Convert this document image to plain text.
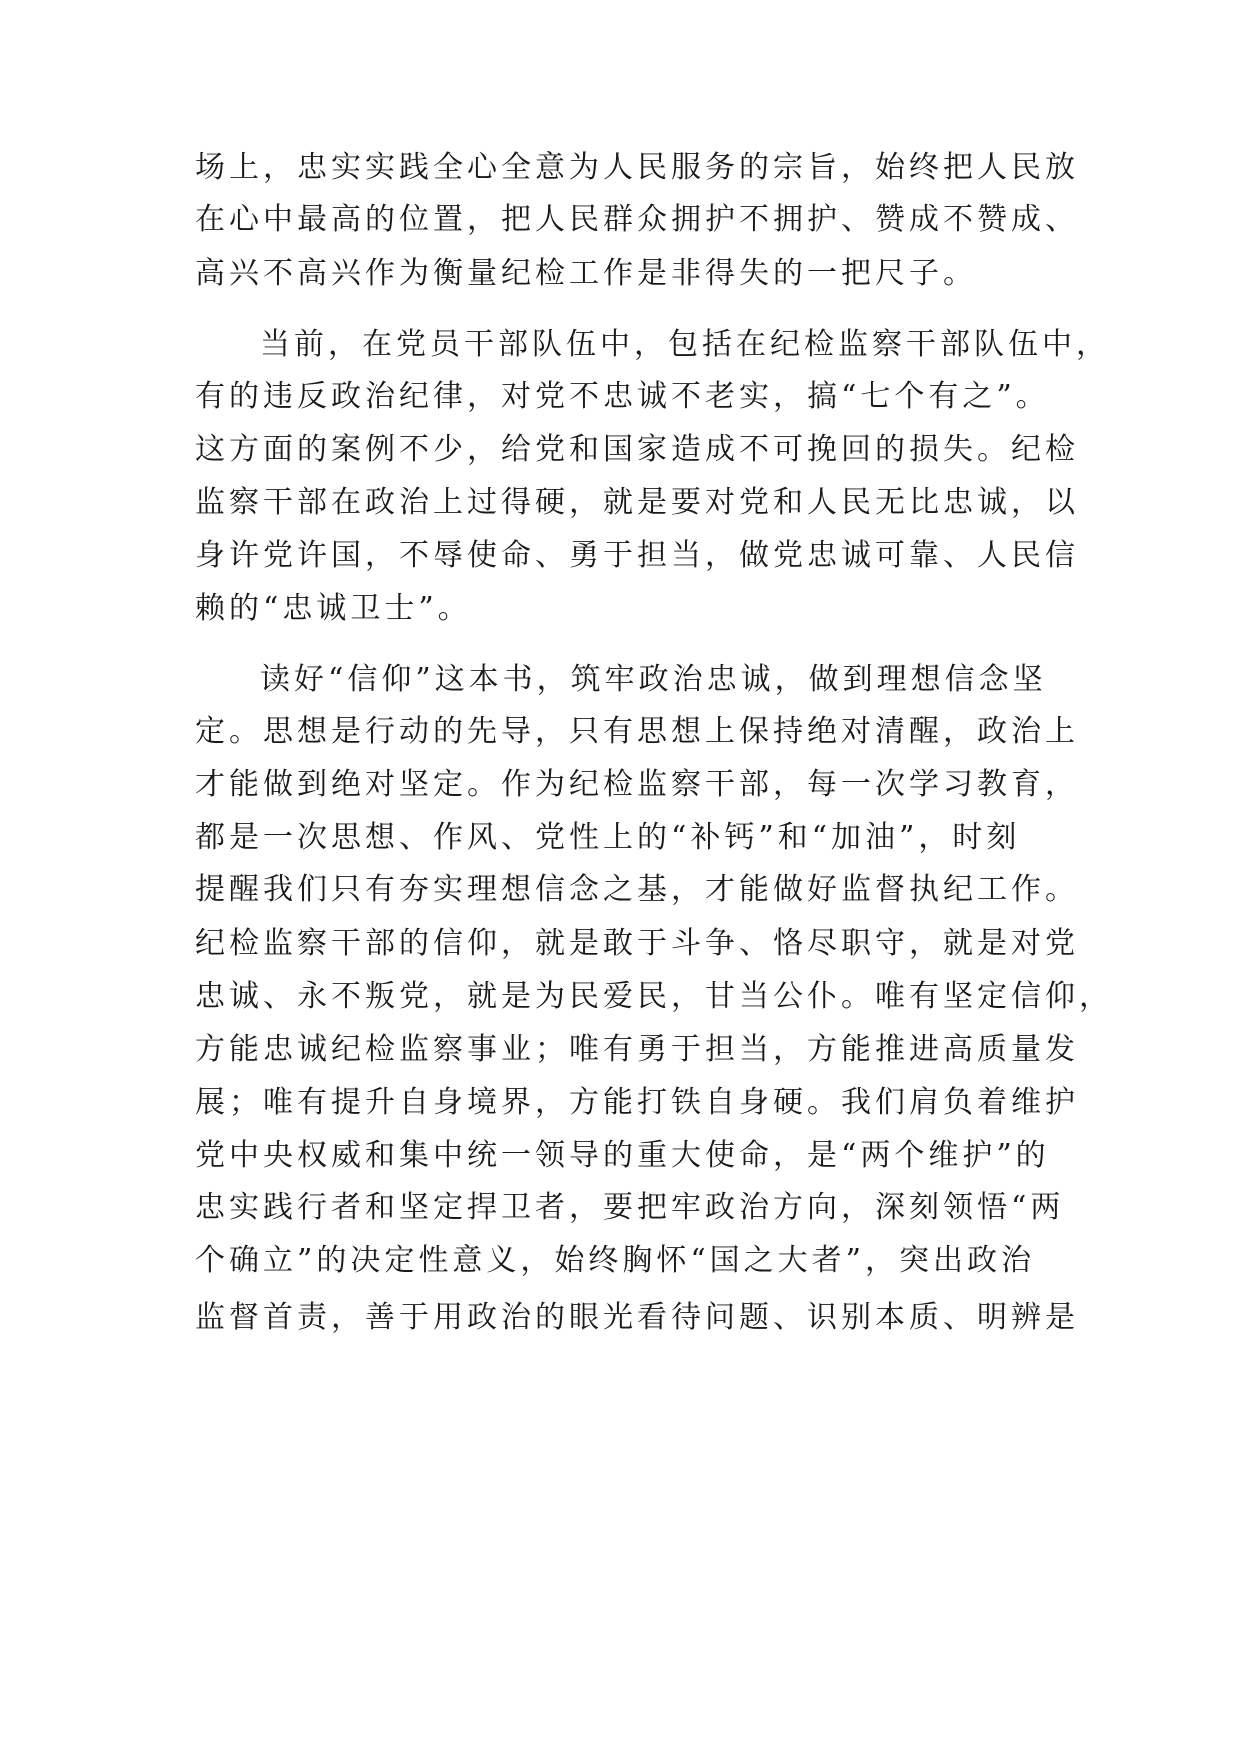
场上，忠实实践全心全意为人民服务的宗旨，始终把人民放
在心中最高的位置，把人民群众拥护不拥护、赞成不赞成、
高兴不高兴作为衡量纪检工作是非得失的一把尺子。
当前，在党员干部队伍中，包括在纪检监察干部队伍中，
有的违反政治纪律，对党不忠诚不老实，搞“七个有之”。
这方面的案例不少，给党和国家造成不可挽回的损失。纪检
监察干部在政治上过得硬，就是要对党和人民无比忠诚，以
身许党许国，不辱使命、勇于担当，做党忠诚可靠、人民信
赖的“忠诚卫士”。
读好“信仰”这本书，筑牢政治忠诚，做到理想信念坚
定。思想是行动的先导，只有思想上保持绝对清醒，政治上
才能做到绝对坚定。作为纪检监察干部，每一次学习教育，
都是一次思想、作风、党性上的“补钙”和“加油”，时刻
提醒我们只有夯实理想信念之基，才能做好监督执纪工作。
纪检监察干部的信仰，就是敢于斗争、恪尽职守，就是对党
忠诚、永不叛党，就是为民爱民，甘当公仆。唯有坚定信仰，
方能忠诚纪检监察事业；唯有勇于担当，方能推进高质量发
展；唯有提升自身境界，方能打铁自身硬。我们肩负着维护
党中央权威和集中统一领导的重大使命，是“两个维护”的
忠实践行者和坚定捍卫者，要把牢政治方向，深刻领悟“两
个确立”的决定性意义，始终胸怀“国之大者”，突出政治
监督首责，善于用政治的眼光看待问题、识别本质、明辨是
